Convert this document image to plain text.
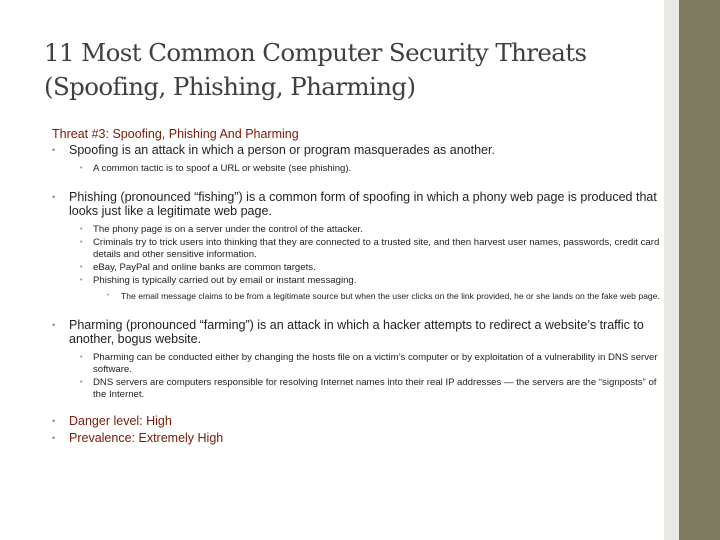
11 Most Common Computer Security Threats
(Spoofing, Phishing, Pharming)
Threat #3: Spoofing, Phishing And Pharming
• Spoofing is an attack in which a person or program masquerades as another.
• A common tactic is to spoof a URL or website (see phishing).
• Phishing (pronounced “fishing”) is a common form of spoofing in which a phony web page is produced that looks just like a legitimate web page.
• The phony page is on a server under the control of the attacker.
• Criminals try to trick users into thinking that they are connected to a trusted site, and then harvest user names, passwords, credit card details and other sensitive information.
• eBay, PayPal and online banks are common targets.
• Phishing is typically carried out by email or instant messaging.
• The email message claims to be from a legitimate source but when the user clicks on the link provided, he or she lands on the fake web page.
• Pharming (pronounced “farming”) is an attack in which a hacker attempts to redirect a website’s traffic to another, bogus website.
• Pharming can be conducted either by changing the hosts file on a victim’s computer or by exploitation of a vulnerability in DNS server software.
• DNS servers are computers responsible for resolving Internet names into their real IP addresses — the servers are the “signposts” of the Internet.
• Danger level: High
• Prevalence: Extremely High
